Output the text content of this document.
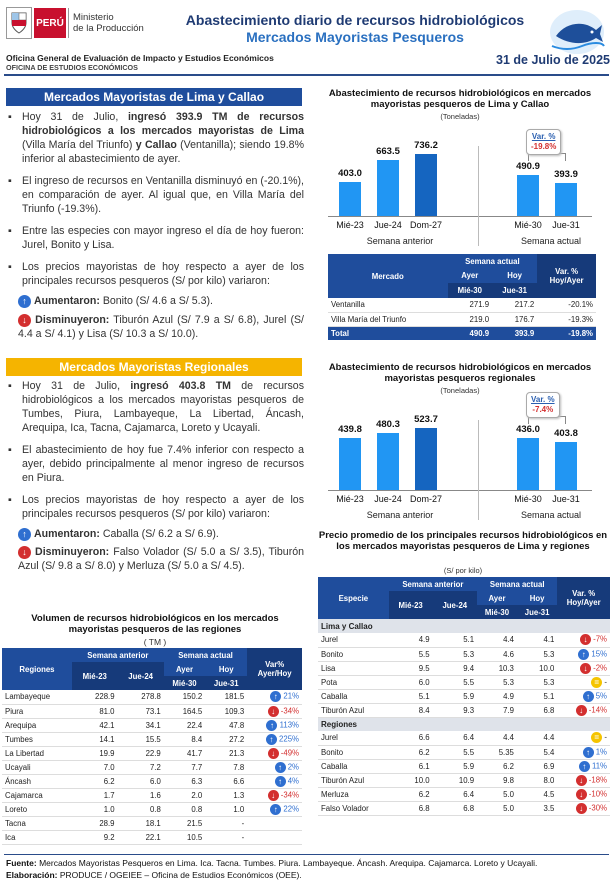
PERÚ Ministerio
de la Producción
Abastecimiento diario de recursos hidrobiológicos
Mercados Mayoristas Pesqueros
Oficina General de Evaluación de Impacto y Estudios Económicos
OFICINA DE ESTUDIOS ECONÓMICOS
31 de Julio de 2025
Mercados Mayoristas de Lima y Callao
▪ Hoy 31 de Julio, ingresó 393.9 TM de recursos hidrobiológicos a los mercados mayoristas de Lima (Villa María del Triunfo) y Callao (Ventanilla); siendo 19.8% inferior al abastecimiento de ayer.
▪ El ingreso de recursos en Ventanilla disminuyó en (-20.1%), en comparación de ayer. Al igual que, en Villa María del Triunfo (-19.3%).
▪ Entre las especies con mayor ingreso el día de hoy fueron: Jurel, Bonito y Lisa.
▪ Los precios mayoristas de hoy respecto a ayer de los principales recursos pesqueros (S/ por kilo) variaron:
↑ Aumentaron: Bonito (S/ 4.6 a S/ 5.3).
↓ Disminuyeron: Tiburón Azul (S/ 7.9 a S/ 6.8), Jurel (S/ 4.4 a S/ 4.1) y Lisa (S/ 10.3 a S/ 10.0).
Mercados Mayoristas Regionales
▪ Hoy 31 de Julio, ingresó 403.8 TM de recursos hidrobiológicos a los mercados mayoristas pesqueros de Tumbes, Piura, Lambayeque, La Libertad, Áncash, Arequipa, Ica, Tacna, Cajamarca, Loreto y Ucayali.
▪ El abastecimiento de hoy fue 7.4% inferior con respecto a ayer, debido principalmente al menor ingreso de recursos en Piura.
▪ Los precios mayoristas de hoy respecto a ayer de los principales recursos pesqueros (S/ por kilo) variaron:
↑ Aumentaron: Caballa (S/ 6.2 a S/ 6.9).
↓ Disminuyeron: Falso Volador (S/ 5.0 a S/ 3.5), Tiburón Azul (S/ 9.8 a S/ 8.0) y Merluza (S/ 5.0 a S/ 4.5).
Volumen de recursos hidrobiológicos en los mercados mayoristas pesqueros de las regiones
( TM )
Regiones	Semana anterior		Semana actual		Var%
Ayer/Hoy
	Mié-23	Jue-24	Ayer	Hoy	
			Mié-30	Jue-31	
Lambayeque	228.9	278.8	150.2	181.5	↑ 21%
Piura	81.0	73.1	164.5	109.3	↓ -34%
Arequipa	42.1	34.1	22.4	47.8	↑ 113%
Tumbes	14.1	15.5	8.4	27.2	↑ 225%
La Libertad	19.9	22.9	41.7	21.3	↓ -49%
Ucayali	7.0	7.2	7.7	7.8	↑ 2%
Áncash	6.2	6.0	6.3	6.6	↑ 4%
Cajamarca	1.7	1.6	2.0	1.3	↓ -34%
Loreto	1.0	0.8	0.8	1.0	↑ 22%
Tacna	28.9	18.1	21.5	-	
Ica	9.2	22.1	10.5	-	
Abastecimiento de recursos hidrobiológicos en mercados mayoristas pesqueros de Lima y Callao
(Toneladas)
403.0
Mié-23
663.5
Jue-24
736.2
Dom-27
490.9
Mié-30
393.9
Jue-31
Semana anterior	Semana actual
Var. %
-19.8%
Mercado	Semana actual		Var. %
Hoy/Ayer
	Ayer	Hoy	
	Mié-30	Jue-31	
Ventanilla	271.9	217.2	-20.1%
Villa María del Triunfo	219.0	176.7	-19.3%
Total	490.9	393.9	-19.8%
Abastecimiento de recursos hidrobiológicos en mercados mayoristas pesqueros regionales
(Toneladas)
439.8
Mié-23
480.3
Jue-24
523.7
Dom-27
436.0
Mié-30
403.8
Jue-31
Semana anterior	Semana actual
Var. %
-7.4%
Precio promedio de los principales recursos hidrobiológicos en los mercados mayoristas pesqueros de Lima y regiones
(S/ por kilo)
Especie	Semana anterior		Semana actual		Var. %
Hoy/Ayer
	Mié-23	Jue-24	Ayer	Hoy	
			Mié-30	Jue-31	
Lima y Callao					
Jurel	4.9	5.1	4.4	4.1	↓ -7%
Bonito	5.5	5.3	4.6	5.3	↑ 15%
Lisa	9.5	9.4	10.3	10.0	↓ -2%
Pota	6.0	5.5	5.3	5.3	= -
Caballa	5.1	5.9	4.9	5.1	↑ 5%
Tiburón Azul	8.4	9.3	7.9	6.8	↓ -14%
Regiones					
Jurel	6.6	6.4	4.4	4.4	= -
Bonito	6.2	5.5	5.35	5.4	↑ 1%
Caballa	6.1	5.9	6.2	6.9	↑ 11%
Tiburón Azul	10.0	10.9	9.8	8.0	↓ -18%
Merluza	6.2	6.4	5.0	4.5	↓ -10%
Falso Volador	6.8	6.8	5.0	3.5	↓ -30%
Fuente: Mercados Mayoristas Pesqueros en Lima. Ica. Tacna. Tumbes. Piura. Lambayeque. Áncash. Arequipa. Cajamarca. Loreto y Ucayali.
Elaboración: PRODUCE / OGEIEE – Oficina de Estudios Económicos (OEE).
